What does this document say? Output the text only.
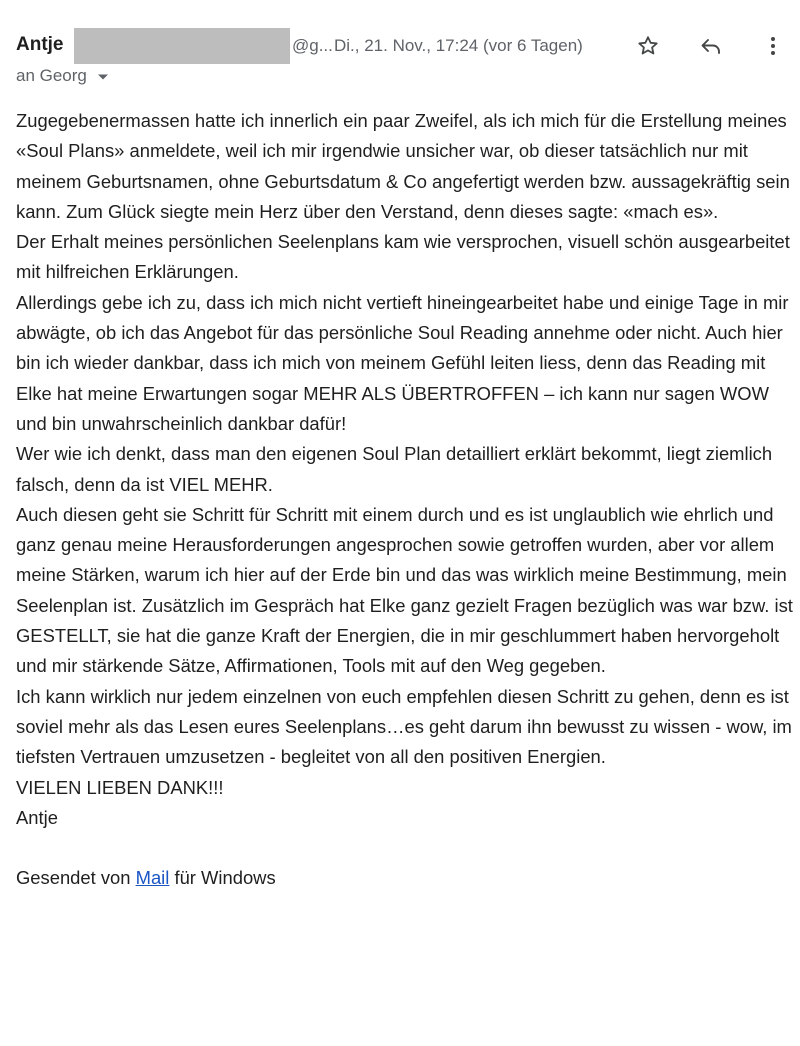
Antje	@g... Di., 21. Nov., 17:24 (vor 6 Tagen)
an Georg

Zugegebenermassen hatte ich innerlich ein paar Zweifel, als ich mich für die Erstellung meines «Soul Plans» anmeldete, weil ich mir irgendwie unsicher war, ob dieser tatsächlich nur mit meinem Geburtsnamen, ohne Geburtsdatum & Co angefertigt werden bzw. aussagekräftig sein kann. Zum Glück siegte mein Herz über den Verstand, denn dieses sagte: «mach es».

Der Erhalt meines persönlichen Seelenplans kam wie versprochen, visuell schön ausgearbeitet mit hilfreichen Erklärungen.

Allerdings gebe ich zu, dass ich mich nicht vertieft hineingearbeitet habe und einige Tage in mir abwägte, ob ich das Angebot für das persönliche Soul Reading annehme oder nicht. Auch hier bin ich wieder dankbar, dass ich mich von meinem Gefühl leiten liess, denn das Reading mit Elke hat meine Erwartungen sogar MEHR ALS ÜBERTROFFEN – ich kann nur sagen WOW und bin unwahrscheinlich dankbar dafür!

Wer wie ich denkt, dass man den eigenen Soul Plan detailliert erklärt bekommt, liegt ziemlich falsch, denn da ist VIEL MEHR.

Auch diesen geht sie Schritt für Schritt mit einem durch und es ist unglaublich wie ehrlich und ganz genau meine Herausforderungen angesprochen sowie getroffen wurden, aber vor allem meine Stärken, warum ich hier auf der Erde bin und das was wirklich meine Bestimmung, mein Seelenplan ist. Zusätzlich im Gespräch hat Elke ganz gezielt Fragen bezüglich was war bzw. ist GESTELLT, sie hat die ganze Kraft der Energien, die in mir geschlummert haben hervorgeholt und mir stärkende Sätze, Affirmationen, Tools mit auf den Weg gegeben.

Ich kann wirklich nur jedem einzelnen von euch empfehlen diesen Schritt zu gehen, denn es ist soviel mehr als das Lesen eures Seelenplans…es geht darum ihn bewusst zu wissen - wow, im tiefsten Vertrauen umzusetzen - begleitet von all den positiven Energien.

VIELEN LIEBEN DANK!!!

Antje

Gesendet von Mail für Windows
